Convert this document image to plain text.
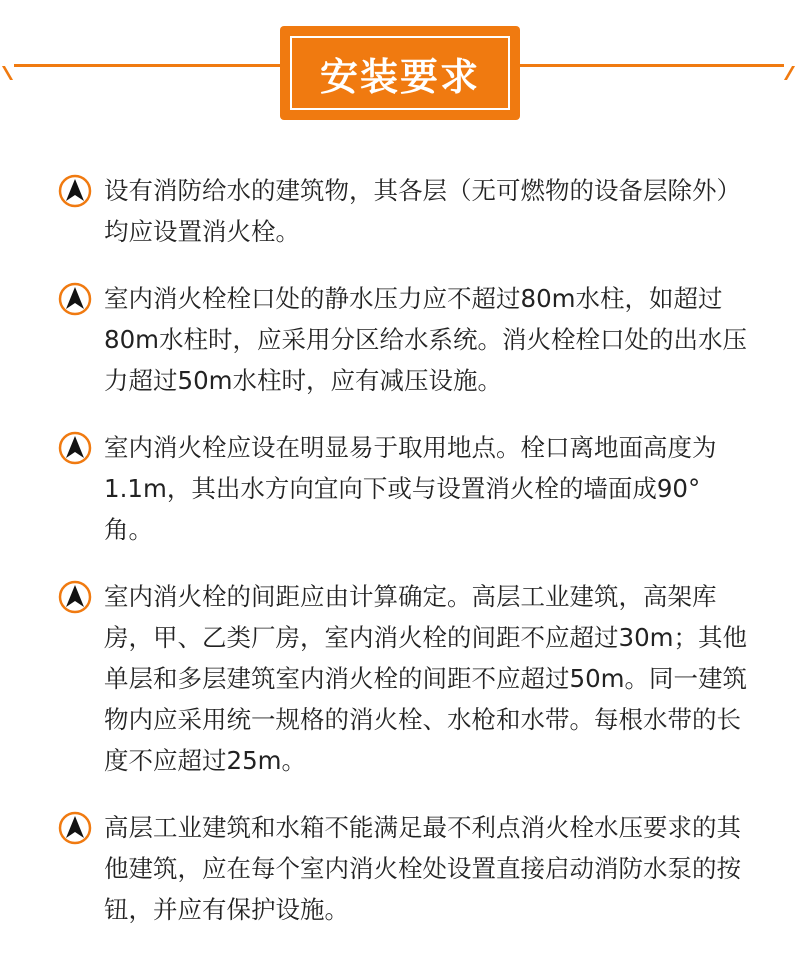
安装要求
设有消防给水的建筑物，其各层（无可燃物的设备层除外）均应设置消火栓。
室内消火栓栓口处的静水压力应不超过80m水柱，如超过80m水柱时，应采用分区给水系统。消火栓栓口处的出水压力超过50m水柱时，应有减压设施。
室内消火栓应设在明显易于取用地点。栓口离地面高度为1.1m，其出水方向宜向下或与设置消火栓的墙面成90°角。
室内消火栓的间距应由计算确定。高层工业建筑，高架库房，甲、乙类厂房，室内消火栓的间距不应超过30m；其他单层和多层建筑室内消火栓的间距不应超过50m。同一建筑物内应采用统一规格的消火栓、水枪和水带。每根水带的长度不应超过25m。
高层工业建筑和水箱不能满足最不利点消火栓水压要求的其他建筑，应在每个室内消火栓处设置直接启动消防水泵的按钮，并应有保护设施。
